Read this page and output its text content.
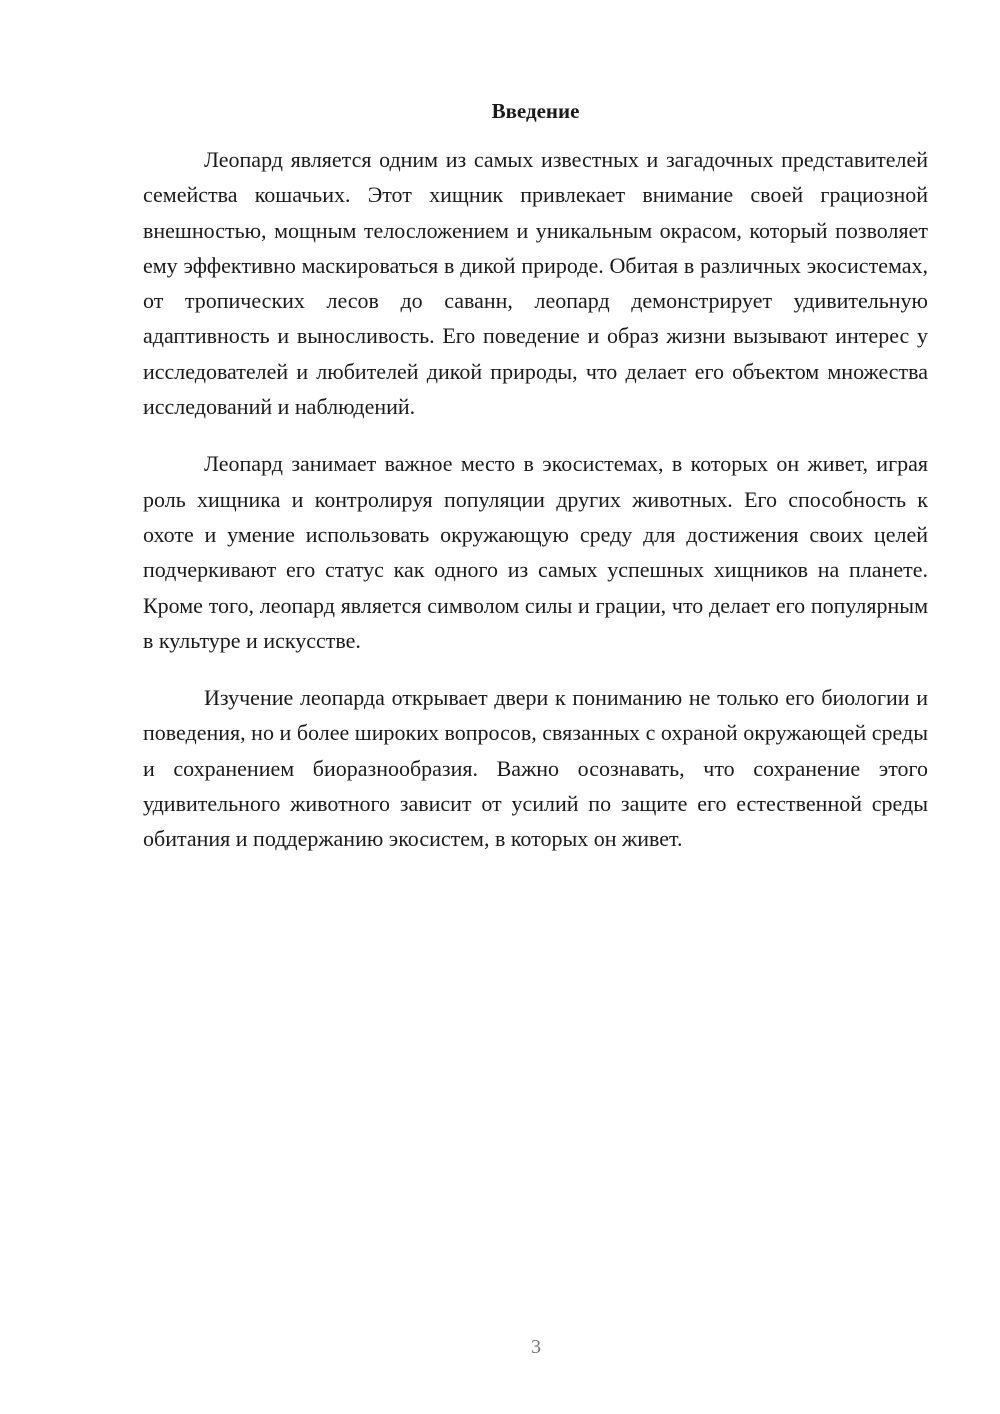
Введение

Леопард является одним из самых известных и загадочных представителей семейства кошачьих. Этот хищник привлекает внимание своей грациозной внешностью, мощным телосложением и уникальным окрасом, который позволяет ему эффективно маскироваться в дикой природе. Обитая в различных экосистемах, от тропических лесов до саванн, леопард демонстрирует удивительную адаптивность и выносливость. Его поведение и образ жизни вызывают интерес у исследователей и любителей дикой природы, что делает его объектом множества исследований и наблюдений.

Леопард занимает важное место в экосистемах, в которых он живет, играя роль хищника и контролируя популяции других животных. Его способность к охоте и умение использовать окружающую среду для достижения своих целей подчеркивают его статус как одного из самых успешных хищников на планете. Кроме того, леопард является символом силы и грации, что делает его популярным в культуре и искусстве.

Изучение леопарда открывает двери к пониманию не только его биологии и поведения, но и более широких вопросов, связанных с охраной окружающей среды и сохранением биоразнообразия. Важно осознавать, что сохранение этого удивительного животного зависит от усилий по защите его естественной среды обитания и поддержанию экосистем, в которых он живет.

3
